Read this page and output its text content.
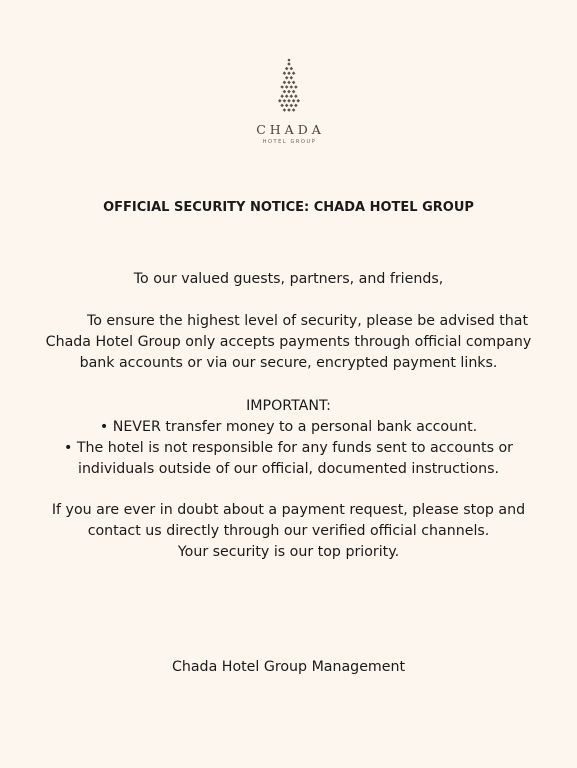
CHADA
HOTEL GROUP
OFFICIAL SECURITY NOTICE: CHADA HOTEL GROUP

To our valued guests, partners, and friends,

To ensure the highest level of security, please be advised that

Chada Hotel Group only accepts payments through official company

bank accounts or via our secure, encrypted payment links.

IMPORTANT:

• NEVER transfer money to a personal bank account.

• The hotel is not responsible for any funds sent to accounts or

individuals outside of our official, documented instructions.

If you are ever in doubt about a payment request, please stop and

contact us directly through our verified official channels.

Your security is our top priority.

Chada Hotel Group Management
